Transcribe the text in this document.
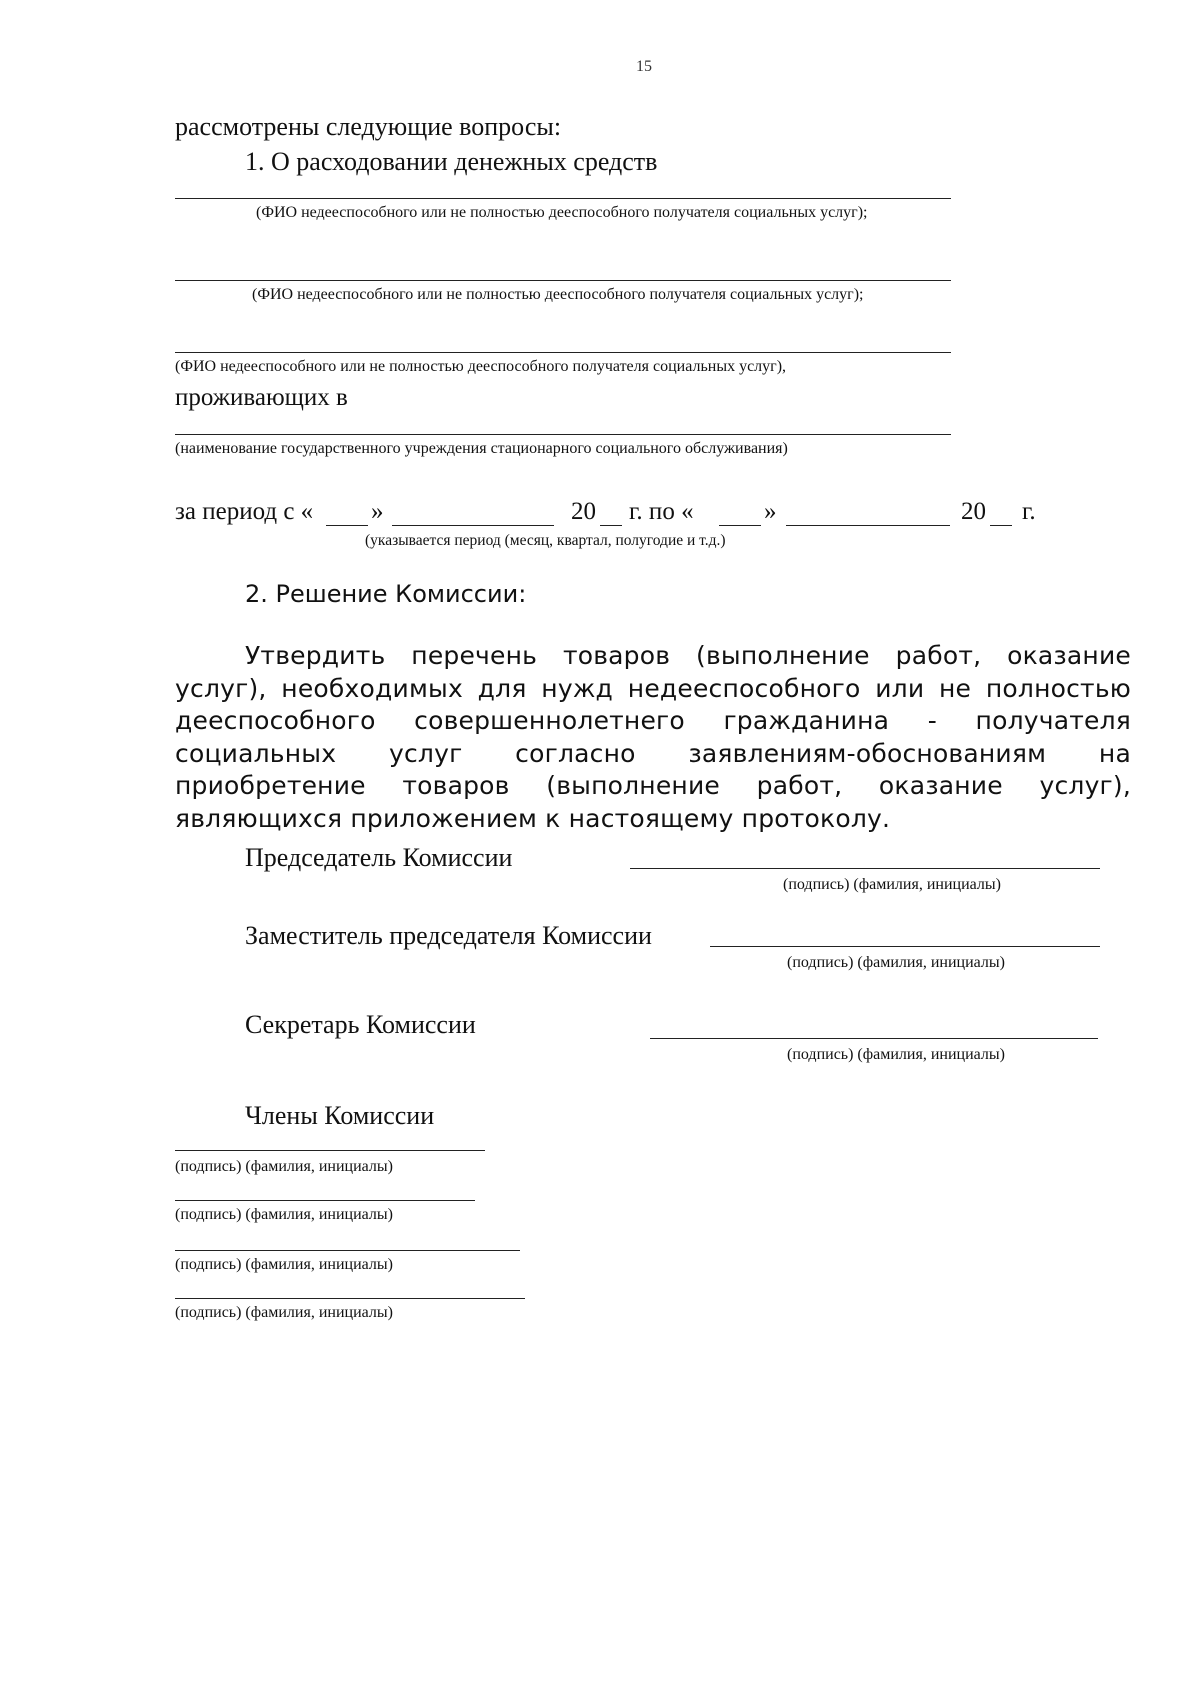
15
рассмотрены следующие вопросы:
1. О расходовании денежных средств
(ФИО недееспособного или не полностью дееспособного получателя социальных услуг);
(ФИО недееспособного или не полностью дееспособного получателя социальных услуг);
(ФИО недееспособного или не полностью дееспособного получателя социальных услуг),
проживающих в
(наименование государственного учреждения стационарного социального обслуживания)
за период с « »	20 г. по «	»	20 г.
(указывается период (месяц, квартал, полугодие и т.д.)
2. Решение Комиссии:
Утвердить перечень товаров (выполнение работ, оказание услуг), необходимых для нужд недееспособного или не полностью дееспособного совершеннолетнего гражданина - получателя социальных услуг согласно заявлениям-обоснованиям на приобретение товаров (выполнение работ, оказание услуг), являющихся приложением к настоящему протоколу.
Председатель Комиссии
(подпись) (фамилия, инициалы)
Заместитель председателя Комиссии
(подпись) (фамилия, инициалы)
Секретарь Комиссии
(подпись) (фамилия, инициалы)
Члены Комиссии
(подпись) (фамилия, инициалы)
(подпись) (фамилия, инициалы)
(подпись) (фамилия, инициалы)
(подпись) (фамилия, инициалы)
